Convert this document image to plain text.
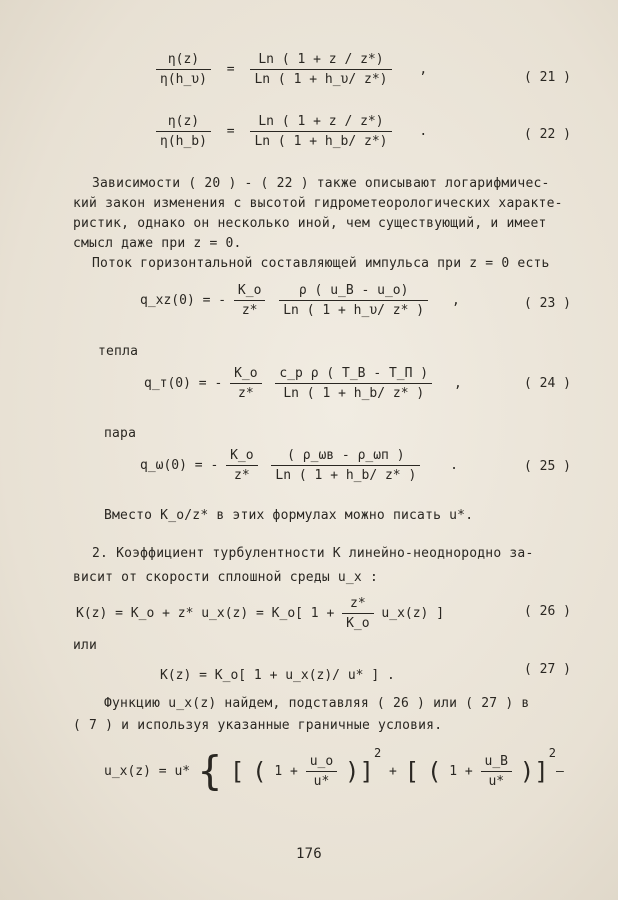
$\frac{\eta(z)}{\eta(h\_\upsilon)} = \frac{Ln ( 1 + z / z*)}{Ln ( 1 + h\_\upsilon/ z*)}$ ,
( 21 )
$\frac{\eta(z)}{\eta(h\_b)} = \frac{Ln ( 1 + z / z*)}{Ln ( 1 + h\_b/ z*)}$ .	( 22 )
Зависимости ( 20 ) - ( 22 ) также описывают логарифмичес-
кий закон изменения с высотой гидрометеорологических характе-
ристик, однако он несколько иной, чем существующий, и имеет
смысл даже при z = 0.
Поток горизонтальной составляющей импульса при z = 0 есть
q_xz(0) = - $\frac{K\_o}{z*}$
$\frac{\rho ( u\_B - u\_o)}{Ln ( 1 + h\_\upsilon/ z* )}$ ,	( 23 )
тепла
q_т(0) = - $\frac{K\_o}{z*}$
$\frac{\text{c\_p ρ ( T\_B - T\_П )}}{Ln ( 1 + h\_b/ z* )}$ ,	( 24 )
пара
q_ω(0) = - $\frac{K\_o}{z*}$
$\frac{( \rho\_\omega в - \rho\_\omega п )}{Ln ( 1 + h\_b/ z* )}$ .	( 25 )
Вместо K_o/z* в этих формулах можно писать u*.
2. Коэффициент турбулентности K линейно-неоднородно за-
висит от скорости сплошной среды u_x :
K(z) = K_o + z* u_x(z) = K_o[ $1 + \frac{z*}{K\_o}$ u_x(z) ]	( 26 )
или
K(z) = K_o[ 1 + u_x(z)/ u* ] .	( 27 )
Функцию u_x(z) найдем, подставляя ( 26 ) или ( 27 ) в
( 7 ) и используя указанные граничные условия.
u_x(z) = u* { [ ( $1 + \frac{u\_o}{u*} )]^2$ + [ ( $1 + \frac{u\_B}{u*} )]^2-$
176
